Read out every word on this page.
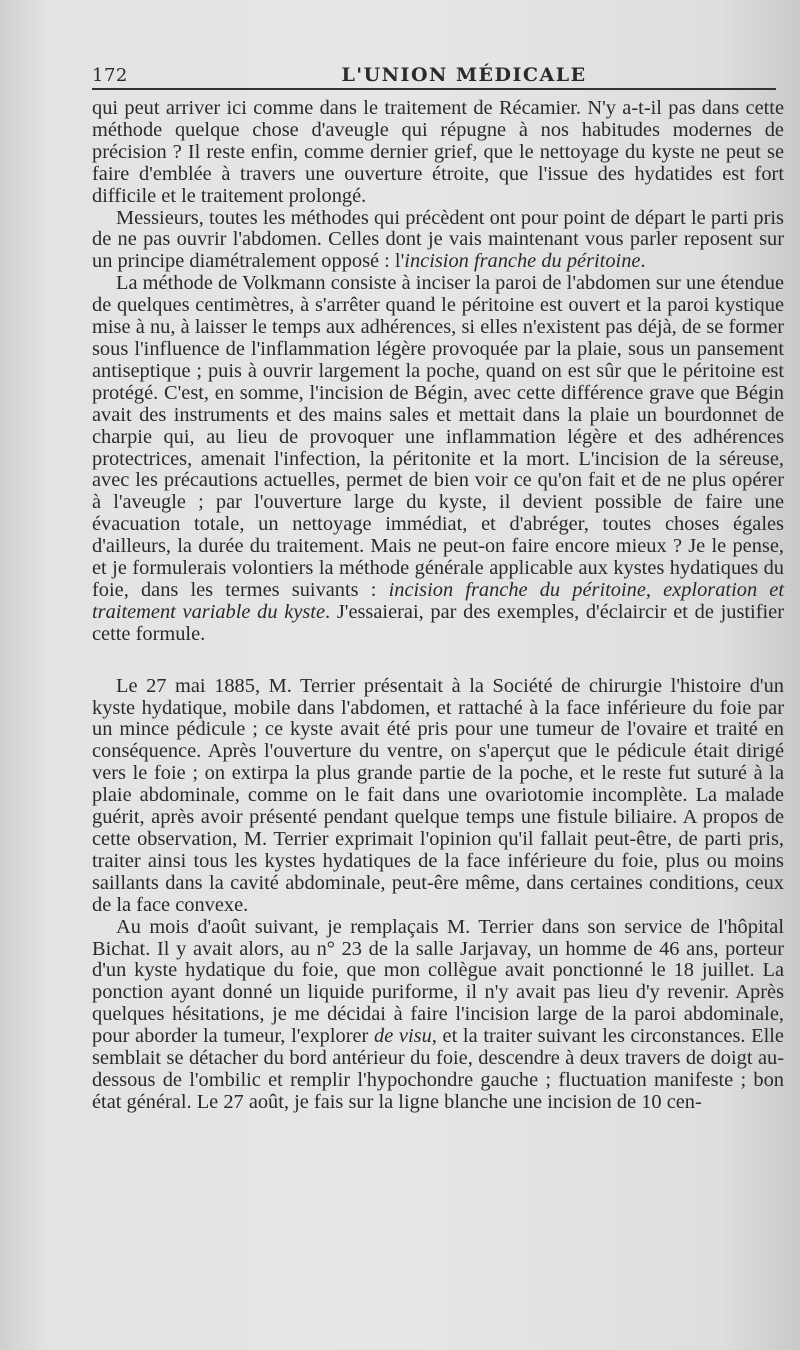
172	L'UNION MÉDICALE

qui peut arriver ici comme dans le traitement de Récamier. N'y a-t-il pas dans cette méthode quelque chose d'aveugle qui répugne à nos habitudes modernes de précision ? Il reste enfin, comme dernier grief, que le nettoyage du kyste ne peut se faire d'emblée à travers une ouverture étroite, que l'issue des hydatides est fort difficile et le traitement prolongé.

Messieurs, toutes les méthodes qui précèdent ont pour point de départ le parti pris de ne pas ouvrir l'abdomen. Celles dont je vais maintenant vous parler reposent sur un principe diamétralement opposé : l'incision franche du péritoine.

La méthode de Volkmann consiste à inciser la paroi de l'abdomen sur une étendue de quelques centimètres, à s'arrêter quand le péritoine est ouvert et la paroi kystique mise à nu, à laisser le temps aux adhérences, si elles n'existent pas déjà, de se former sous l'influence de l'inflammation légère provoquée par la plaie, sous un pansement antiseptique ; puis à ouvrir largement la poche, quand on est sûr que le péritoine est protégé. C'est, en somme, l'incision de Bégin, avec cette différence grave que Bégin avait des instruments et des mains sales et mettait dans la plaie un bourdonnet de charpie qui, au lieu de provoquer une inflammation légère et des adhérences protectrices, amenait l'infection, la péritonite et la mort. L'incision de la séreuse, avec les précautions actuelles, permet de bien voir ce qu'on fait et de ne plus opérer à l'aveugle ; par l'ouverture large du kyste, il devient possible de faire une évacuation totale, un nettoyage immédiat, et d'abréger, toutes choses égales d'ailleurs, la durée du traitement. Mais ne peut-on faire encore mieux ? Je le pense, et je formulerais volontiers la méthode générale applicable aux kystes hydatiques du foie, dans les termes suivants : incision franche du péritoine, exploration et traitement variable du kyste. J'essaierai, par des exemples, d'éclaircir et de justifier cette formule.

Le 27 mai 1885, M. Terrier présentait à la Société de chirurgie l'histoire d'un kyste hydatique, mobile dans l'abdomen, et rattaché à la face inférieure du foie par un mince pédicule ; ce kyste avait été pris pour une tumeur de l'ovaire et traité en conséquence. Après l'ouverture du ventre, on s'aperçut que le pédicule était dirigé vers le foie ; on extirpa la plus grande partie de la poche, et le reste fut suturé à la plaie abdominale, comme on le fait dans une ovariotomie incomplète. La malade guérit, après avoir présenté pendant quelque temps une fistule biliaire. A propos de cette observation, M. Terrier exprimait l'opinion qu'il fallait peut-être, de parti pris, traiter ainsi tous les kystes hydatiques de la face inférieure du foie, plus ou moins saillants dans la cavité abdominale, peut-êre même, dans certaines conditions, ceux de la face convexe.

Au mois d'août suivant, je remplaçais M. Terrier dans son service de l'hôpital Bichat. Il y avait alors, au n° 23 de la salle Jarjavay, un homme de 46 ans, porteur d'un kyste hydatique du foie, que mon collègue avait ponctionné le 18 juillet. La ponction ayant donné un liquide puriforme, il n'y avait pas lieu d'y revenir. Après quelques hésitations, je me décidai à faire l'incision large de la paroi abdominale, pour aborder la tumeur, l'explorer de visu, et la traiter suivant les circonstances. Elle semblait se détacher du bord antérieur du foie, descendre à deux travers de doigt au-dessous de l'ombilic et remplir l'hypochondre gauche ; fluctuation manifeste ; bon état général. Le 27 août, je fais sur la ligne blanche une incision de 10 cen-
